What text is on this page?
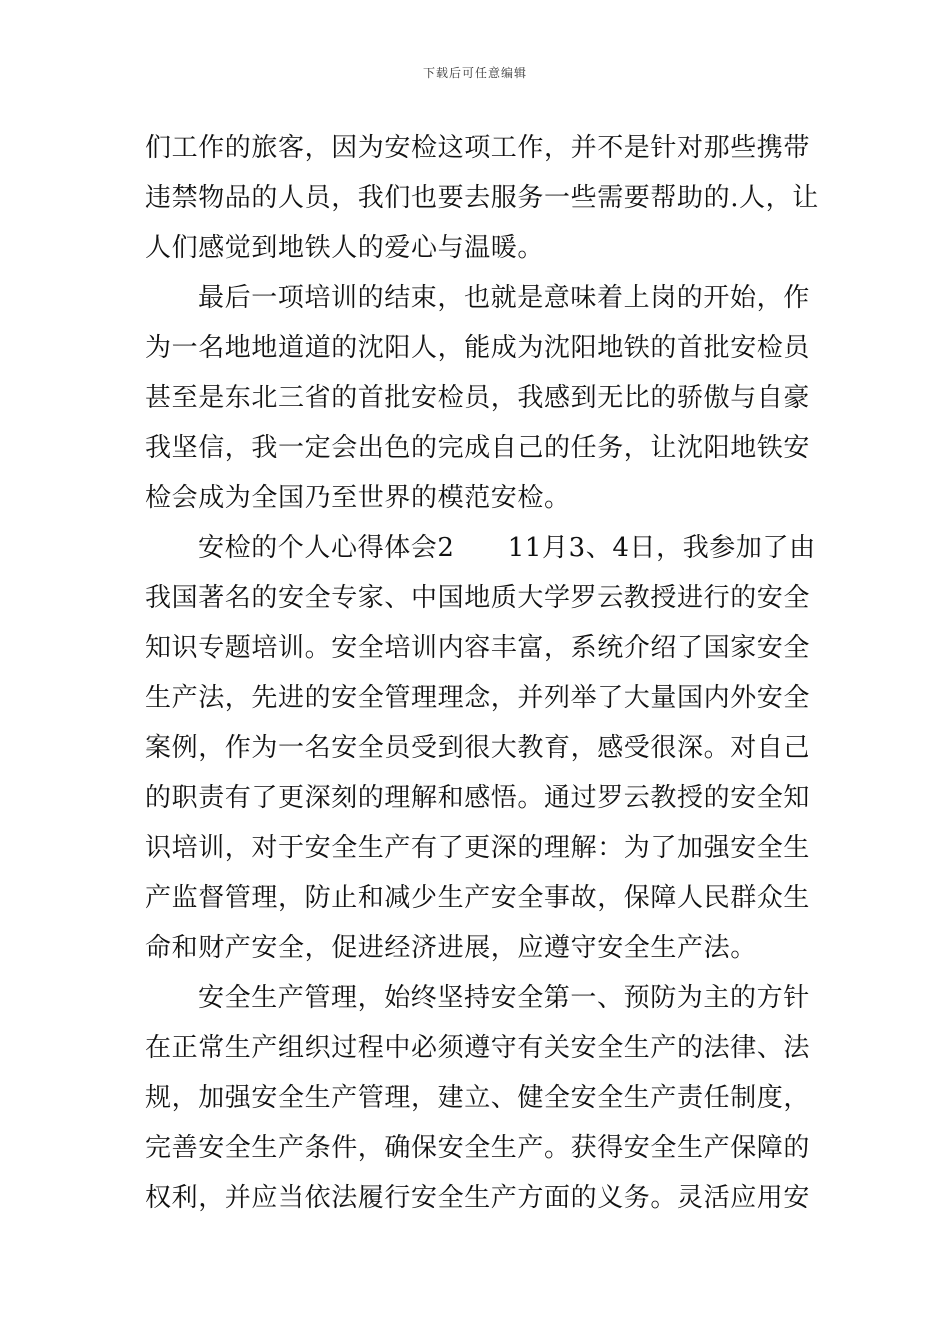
下载后可任意编辑
们工作的旅客，因为安检这项工作，并不是针对那些携带
违禁物品的人员，我们也要去服务一些需要帮助的.人，让
人们感觉到地铁人的爱心与温暖。
最后一项培训的结束，也就是意味着上岗的开始，作
为一名地地道道的沈阳人，能成为沈阳地铁的首批安检员
甚至是东北三省的首批安检员，我感到无比的骄傲与自豪
我坚信，我一定会出色的完成自己的任务，让沈阳地铁安
检会成为全国乃至世界的模范安检。
安检的个人心得体会2　　11月3、4日，我参加了由
我国著名的安全专家、中国地质大学罗云教授进行的安全
知识专题培训。安全培训内容丰富，系统介绍了国家安全
生产法，先进的安全管理理念，并列举了大量国内外安全
案例，作为一名安全员受到很大教育，感受很深。对自己
的职责有了更深刻的理解和感悟。通过罗云教授的安全知
识培训，对于安全生产有了更深的理解：为了加强安全生
产监督管理，防止和减少生产安全事故，保障人民群众生
命和财产安全，促进经济进展，应遵守安全生产法。
安全生产管理，始终坚持安全第一、预防为主的方针
在正常生产组织过程中必须遵守有关安全生产的法律、法
规，加强安全生产管理，建立、健全安全生产责任制度，
完善安全生产条件，确保安全生产。获得安全生产保障的
权利，并应当依法履行安全生产方面的义务。灵活应用安
